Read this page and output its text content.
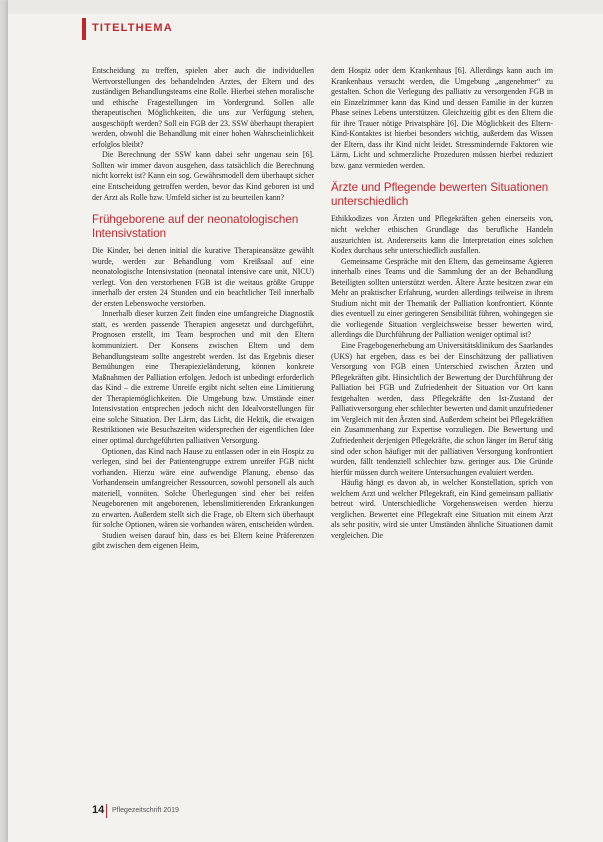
TITELTHEMA

Entscheidung zu treffen, spielen aber auch die individuellen Wertvorstellungen des behandelnden Arztes, der Eltern und des zuständigen Behandlungsteams eine Rolle. Hierbei stehen moralische und ethische Fragestellungen im Vordergrund. Sollen alle therapeutischen Möglichkeiten, die uns zur Verfügung stehen, ausgeschöpft werden? Soll ein FGB der 23. SSW überhaupt therapiert werden, obwohl die Behandlung mit einer hohen Wahrscheinlichkeit erfolglos bleibt?

Die Berechnung der SSW kann dabei sehr ungenau sein [6]. Sollten wir immer davon ausgehen, dass tatsächlich die Berechnung nicht korrekt ist? Kann ein sog. Gewährsmodell dem überhaupt sicher eine Entscheidung getroffen werden, bevor das Kind geboren ist und der Arzt als Rolle bzw. Umfeld sicher ist zu beurteilen kann?

Frühgeborene auf der neonatologischen Intensivstation

Die Kinder, bei denen initial die kurative Therapieansätze gewählt wurde, werden zur Behandlung vom Kreißsaal auf eine neonatologische Intensivstation (neonatal intensive care unit, NICU) verlegt. Von den verstorbenen FGB ist die weitaus größte Gruppe innerhalb der ersten 24 Stunden und ein beachtlicher Teil innerhalb der ersten Lebenswoche verstorben.

Innerhalb dieser kurzen Zeit finden eine umfangreiche Diagnostik statt, es werden passende Therapien angesetzt und durchgeführt, Prognosen erstellt, im Team besprochen und mit den Eltern kommuniziert. Der Konsens zwischen Eltern und dem Behandlungsteam sollte angestrebt werden. Ist das Ergebnis dieser Bemühungen eine Therapiezieländerung, können konkrete Maßnahmen der Palliation erfolgen. Jedoch ist unbedingt erforderlich das Kind – die extreme Unreife ergibt nicht selten eine Limitierung der Therapiemöglichkeiten. Die Umgebung bzw. Umstände einer Intensivstation entsprechen jedoch nicht den Idealvorstellungen für eine solche Situation. Der Lärm, das Licht, die Hektik, die etwaigen Restriktionen wie Besuchszeiten widersprechen der eigentlichen Idee einer optimal durchgeführten palliativen Versorgung.

Optionen, das Kind nach Hause zu entlassen oder in ein Hospiz zu verlegen, sind bei der Patientengruppe extrem unreifer FGB nicht vorhanden. Hierzu wäre eine aufwendige Planung, ebenso das Vorhandensein umfangreicher Ressourcen, sowohl personell als auch materiell, vonnöten. Solche Überlegungen sind eher bei reifen Neugeborenen mit angeborenen, lebenslimitierenden Erkrankungen zu erwarten. Außerdem stellt sich die Frage, ob Eltern sich überhaupt für solche Optionen, wären sie vorhanden wären, entscheiden würden.

Studien weisen darauf hin, dass es bei Eltern keine Präferenzen gibt zwischen dem eigenen Heim,

dem Hospiz oder dem Krankenhaus [6]. Allerdings kann auch im Krankenhaus versucht werden, die Umgebung „angenehmer“ zu gestalten. Schon die Verlegung des palliativ zu versorgenden FGB in ein Einzelzimmer kann das Kind und dessen Familie in der kurzen Phase seines Lebens unterstützen. Gleichzeitig gibt es den Eltern die für ihre Trauer nötige Privatsphäre [6]. Die Möglichkeit des Eltern-Kind-Kontaktes ist hierbei besonders wichtig, außerdem das Wissen der Eltern, dass ihr Kind nicht leidet. Stressmindernde Faktoren wie Lärm, Licht und schmerzliche Prozeduren müssen hierbei reduziert bzw. ganz vermieden werden.

Ärzte und Pflegende bewerten Situationen unterschiedlich

Ethikkodizes von Ärzten und Pflegekräften gehen einerseits von, nicht welcher ethischen Grundlage das berufliche Handeln auszurichten ist. Andererseits kann die Interpretation eines solchen Kodex durchaus sehr unterschiedlich ausfallen.

Gemeinsame Gespräche mit den Eltern, das gemeinsame Agieren innerhalb eines Teams und die Sammlung der an der Behandlung Beteiligten sollten unterstützt werden. Ältere Ärzte besitzen zwar ein Mehr an praktischer Erfahrung, wurden allerdings teilweise in ihrem Studium nicht mit der Thematik der Palliation konfrontiert. Könnte dies eventuell zu einer geringeren Sensibilität führen, wohingegen sie die vorliegende Situation vergleichsweise besser bewerten wird, allerdings die Durchführung der Palliation weniger optimal ist?

Eine Fragebogenerhebung am Universitätsklinikum des Saarlandes (UKS) hat ergeben, dass es bei der Einschätzung der palliativen Versorgung von FGB einen Unterschied zwischen Ärzten und Pflegekräften gibt. Hinsichtlich der Bewertung der Durchführung der Palliation bei FGB und Zufriedenheit der Situation vor Ort kann festgehalten werden, dass Pflegekräfte den Ist-Zustand der Palliativversorgung eher schlechter bewerten und damit unzufriedener im Vergleich mit den Ärzten sind. Außerdem scheint bei Pflegekräften ein Zusammenhang zur Expertise vorzuliegen. Die Bewertung und Zufriedenheit derjenigen Pflegekräfte, die schon länger im Beruf tätig sind oder schon häufiger mit der palliativen Versorgung konfrontiert wurden, fällt tendenziell schlechter bzw. geringer aus. Die Gründe hierfür müssen durch weitere Untersuchungen evaluiert werden.

Häufig hängt es davon ab, in welcher Konstellation, sprich von welchem Arzt und welcher Pflegekraft, ein Kind gemeinsam palliativ betreut wird. Unterschiedliche Vorgehensweisen werden hierzu verglichen. Bewertet eine Pflegekraft eine Situation mit einem Arzt als sehr positiv, wird sie unter Umständen ähnliche Situationen damit vergleichen. Die

14 Pflegezeitschrift 2019
